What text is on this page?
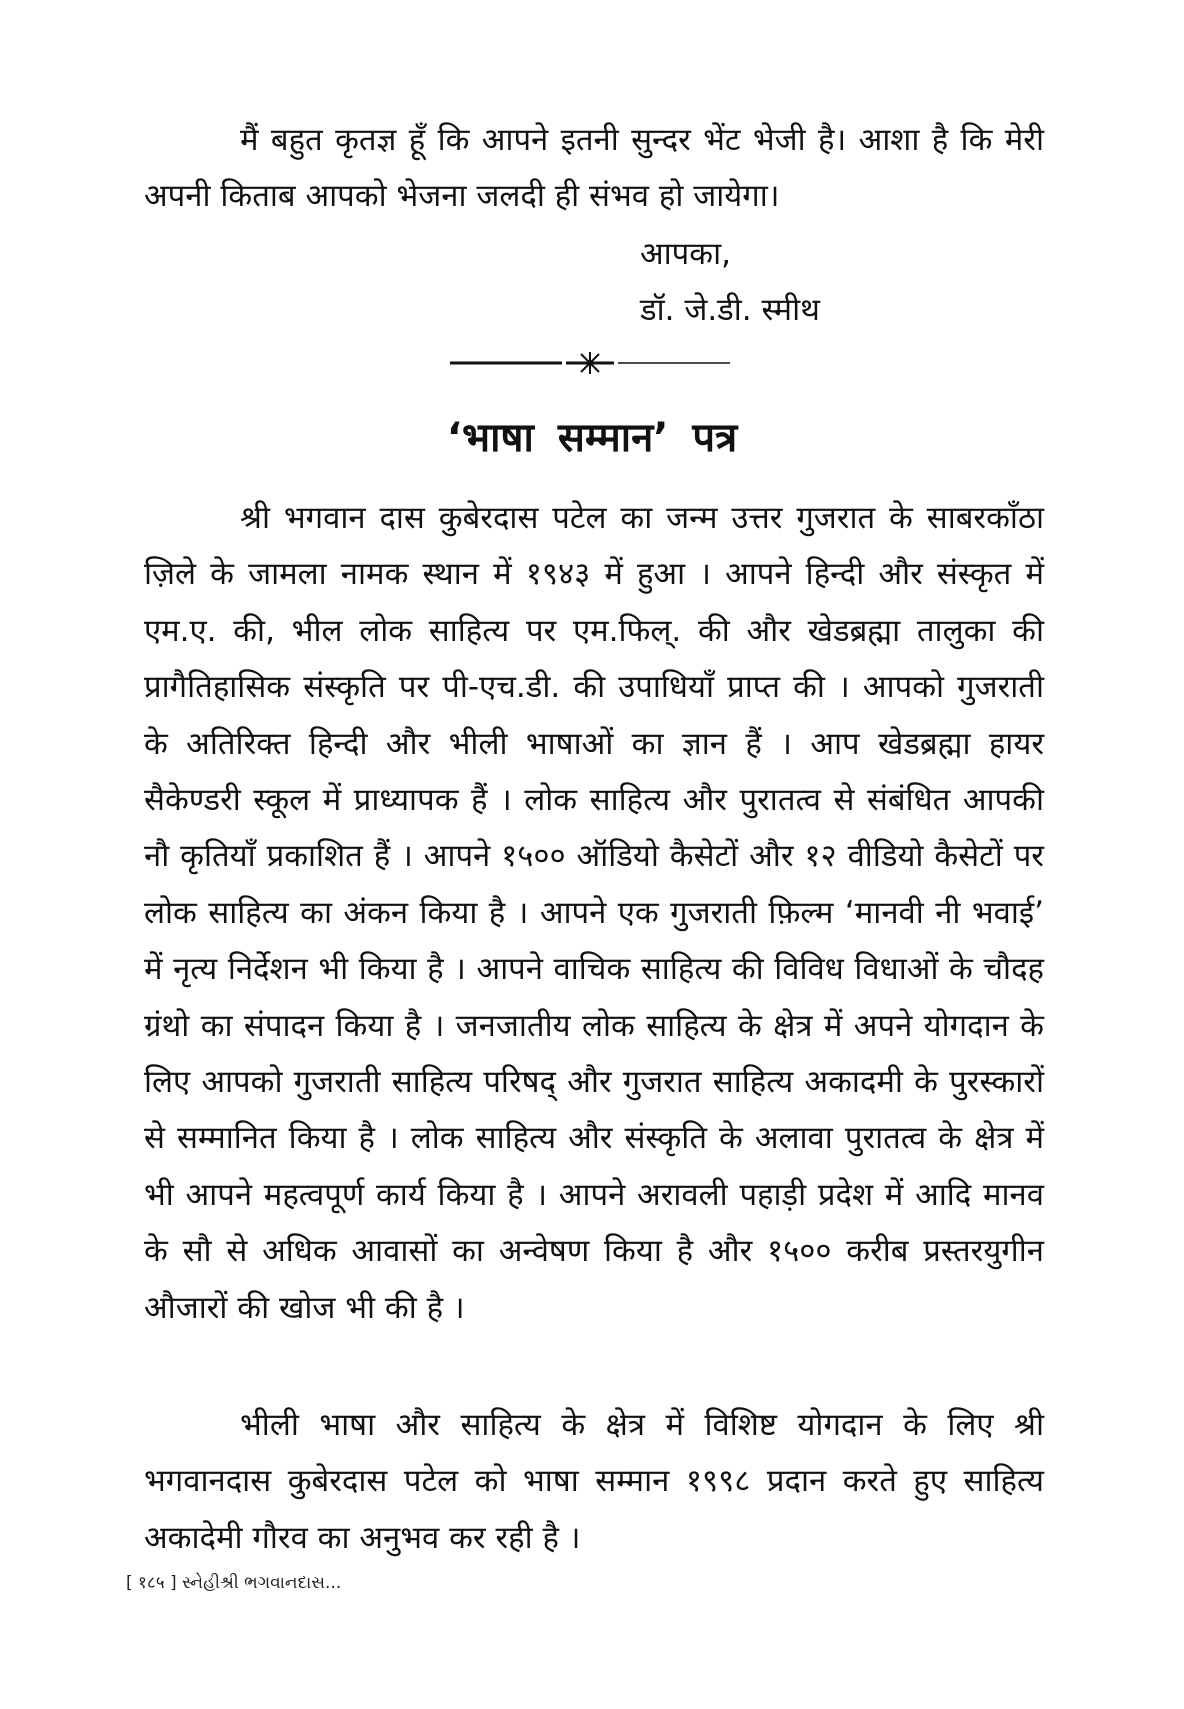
मैं बहुत कृतज्ञ हूँ कि आपने इतनी सुन्दर भेंट भेजी है। आशा है कि मेरी अपनी किताब आपको भेजना जलदी ही संभव हो जायेगा।

आपका,

डॉ. जे.डी. स्मीथ

‘भाषा सम्मान’ पत्र

श्री भगवान दास कुबेरदास पटेल का जन्म उत्तर गुजरात के साबरकाँठा ज़िले के जामला नामक स्थान में १९४३ में हुआ । आपने हिन्दी और संस्कृत में एम.ए. की, भील लोक साहित्य पर एम.फिल्. की और खेडब्रह्मा तालुका की प्रागैतिहासिक संस्कृति पर पी-एच.डी. की उपाधियाँ प्राप्त की । आपको गुजराती के अतिरिक्त हिन्दी और भीली भाषाओं का ज्ञान हैं । आप खेडब्रह्मा हायर सैकेण्डरी स्कूल में प्राध्यापक हैं । लोक साहित्य और पुरातत्व से संबंधित आपकी नौ कृतियाँ प्रकाशित हैं । आपने १५०० ऑडियो कैसेटों और १२ वीडियो कैसेटों पर लोक साहित्य का अंकन किया है । आपने एक गुजराती फ़िल्म ‘मानवी नी भवाई’ में नृत्य निर्देशन भी किया है । आपने वाचिक साहित्य की विविध विधाओं के चौदह ग्रंथो का संपादन किया है । जनजातीय लोक साहित्य के क्षेत्र में अपने योगदान के लिए आपको गुजराती साहित्य परिषद् और गुजरात साहित्य अकादमी के पुरस्कारों से सम्मानित किया है । लोक साहित्य और संस्कृति के अलावा पुरातत्व के क्षेत्र में भी आपने महत्वपूर्ण कार्य किया है । आपने अरावली पहाड़ी प्रदेश में आदि मानव के सौ से अधिक आवासों का अन्वेषण किया है और १५०० करीब प्रस्तरयुगीन औजारों की खोज भी की है ।

भीली भाषा और साहित्य के क्षेत्र में विशिष्ट योगदान के लिए श्री भगवानदास कुबेरदास पटेल को भाषा सम्मान १९९८ प्रदान करते हुए साहित्य अकादेमी गौरव का अनुभव कर रही है ।

[ १८५ ] સ્નેહીશ્રી ભગવાનદાસ...
